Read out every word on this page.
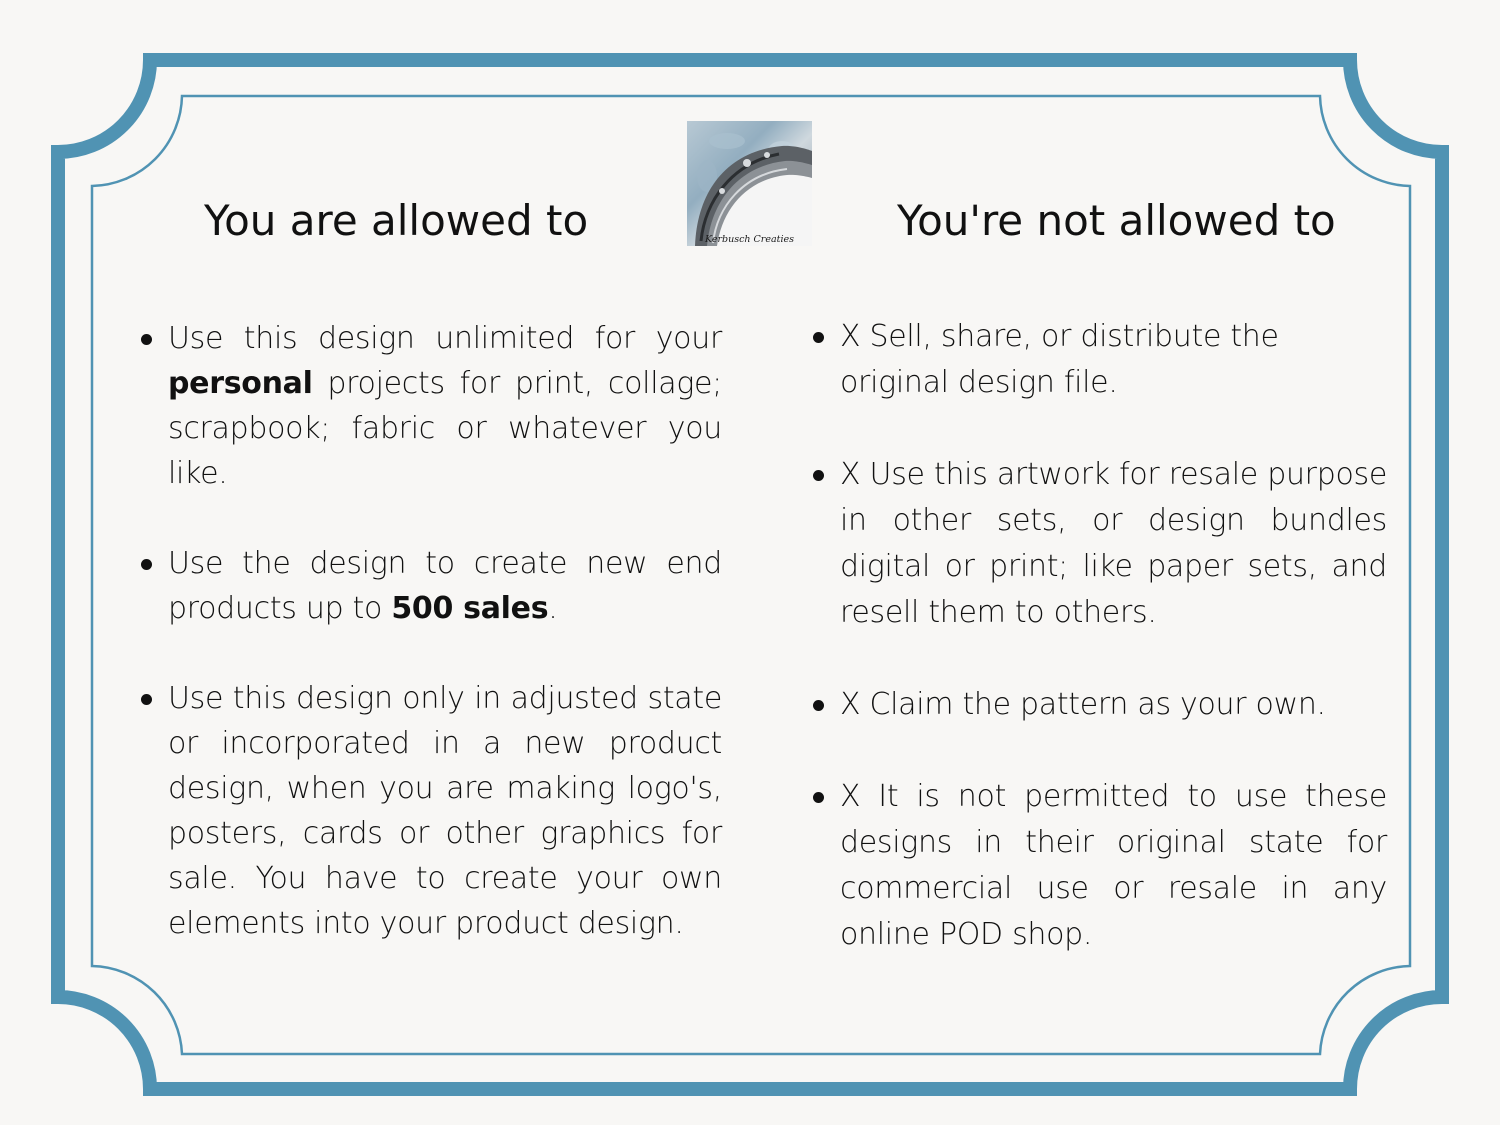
You are allowed to	You're not allowed to
Kerbusch Creaties
Use this design unlimited for your personal projects for print, collage; scrapbook; fabric or whatever you like.
Use the design to create new end products up to 500 sales.
Use this design only in adjusted state or incorporated in a new product design, when you are making logo's, posters, cards or other graphics for sale. You have to create your own elements into your product design.
X Sell, share, or distribute the original design file.
X Use this artwork for resale purpose in other sets, or design bundles digital or print; like paper sets, and resell them to others.
X Claim the pattern as your own.
X It is not permitted to use these designs in their original state for commercial use or resale in any online POD shop.
